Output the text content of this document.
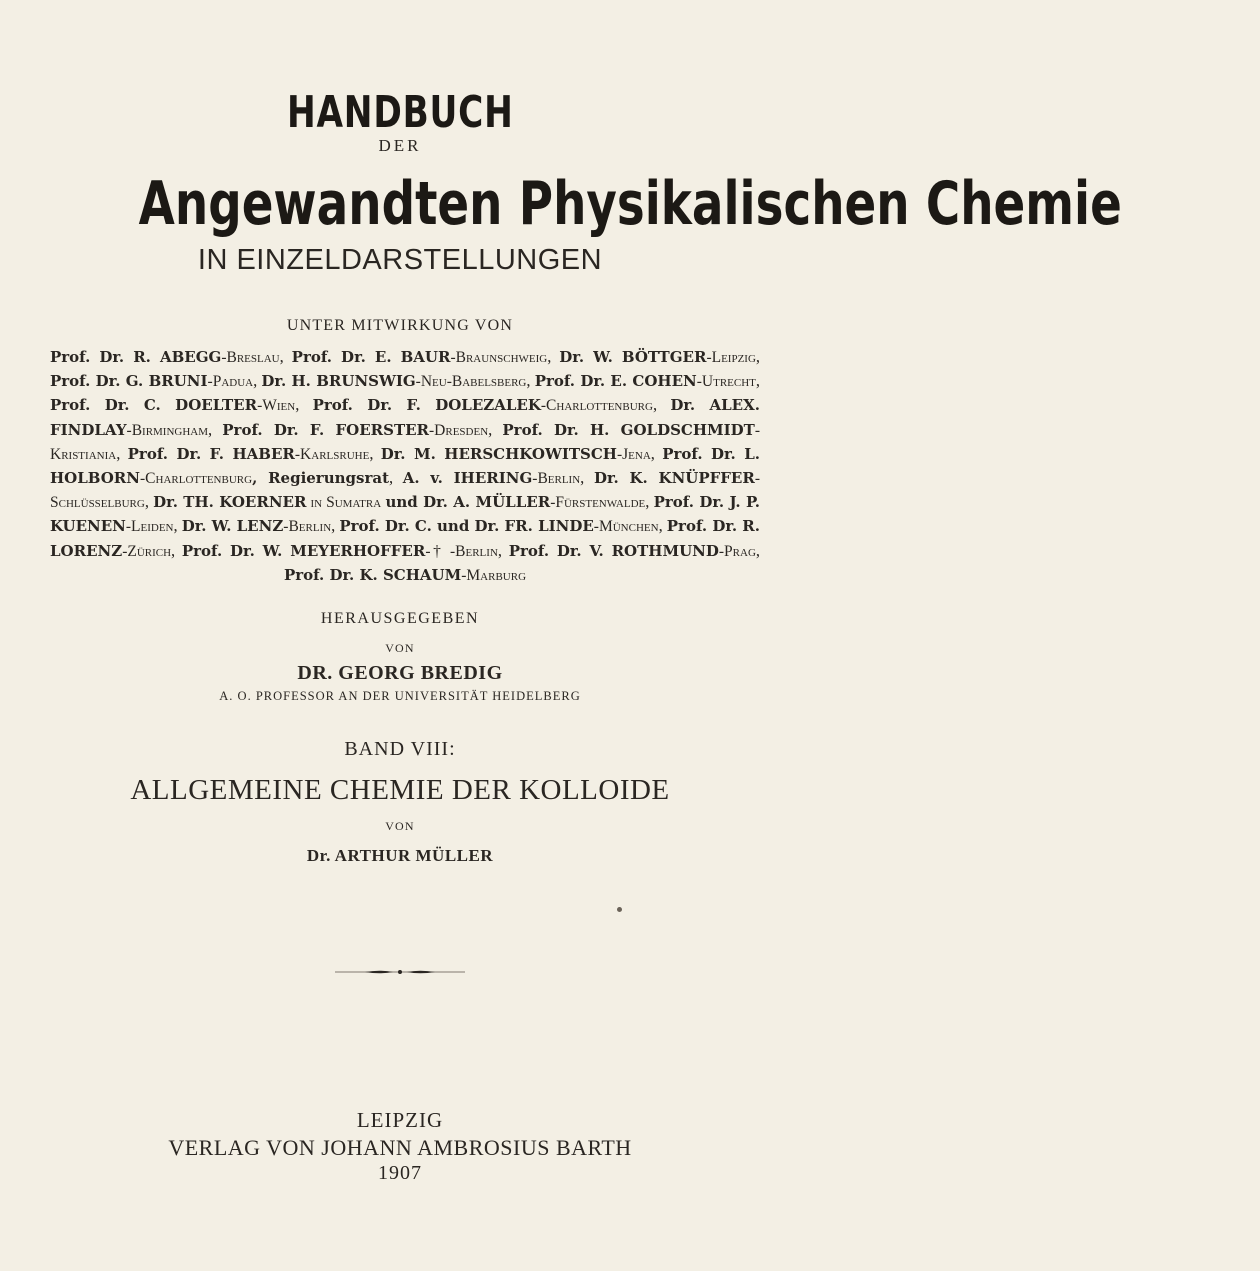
HANDBUCH
DER
Angewandten Physikalischen Chemie
IN EINZELDARSTELLUNGEN
UNTER MITWIRKUNG VON
Prof. Dr. R. ABEGG-Breslau, Prof. Dr. E. BAUR-Braunschweig, Dr. W. BÖTTGER-Leipzig, Prof. Dr. G. BRUNI-Padua, Dr. H. BRUNSWIG-Neu-Babelsberg, Prof. Dr. E. COHEN-Utrecht, Prof. Dr. C. DOELTER-Wien, Prof. Dr. F. DOLEZALEK-Charlottenburg, Dr. ALEX. FINDLAY-Birmingham, Prof. Dr. F. FOERSTER-Dresden, Prof. Dr. H. GOLDSCHMIDT-Kristiania, Prof. Dr. F. HABER-Karlsruhe, Dr. M. HERSCHKOWITSCH-Jena, Prof. Dr. L. HOLBORN-Charlottenburg, Regierungsrat, A. v. IHERING-Berlin, Dr. K. KNÜPFFER-Schlüsselburg, Dr. TH. KOERNER in Sumatra und Dr. A. MÜLLER-Fürstenwalde, Prof. Dr. J. P. KUENEN-Leiden, Dr. W. LENZ-Berlin, Prof. Dr. C. und Dr. FR. LINDE-München, Prof. Dr. R. LORENZ-Zürich, Prof. Dr. W. MEYERHOFFER-† -Berlin, Prof. Dr. V. ROTHMUND-Prag, Prof. Dr. K. SCHAUM-Marburg
HERAUSGEGEBEN
VON
DR. GEORG BREDIG
A. O. PROFESSOR AN DER UNIVERSITÄT HEIDELBERG
BAND VIII:
ALLGEMEINE CHEMIE DER KOLLOIDE
VON
Dr. ARTHUR MÜLLER
LEIPZIG
VERLAG VON JOHANN AMBROSIUS BARTH
1907
